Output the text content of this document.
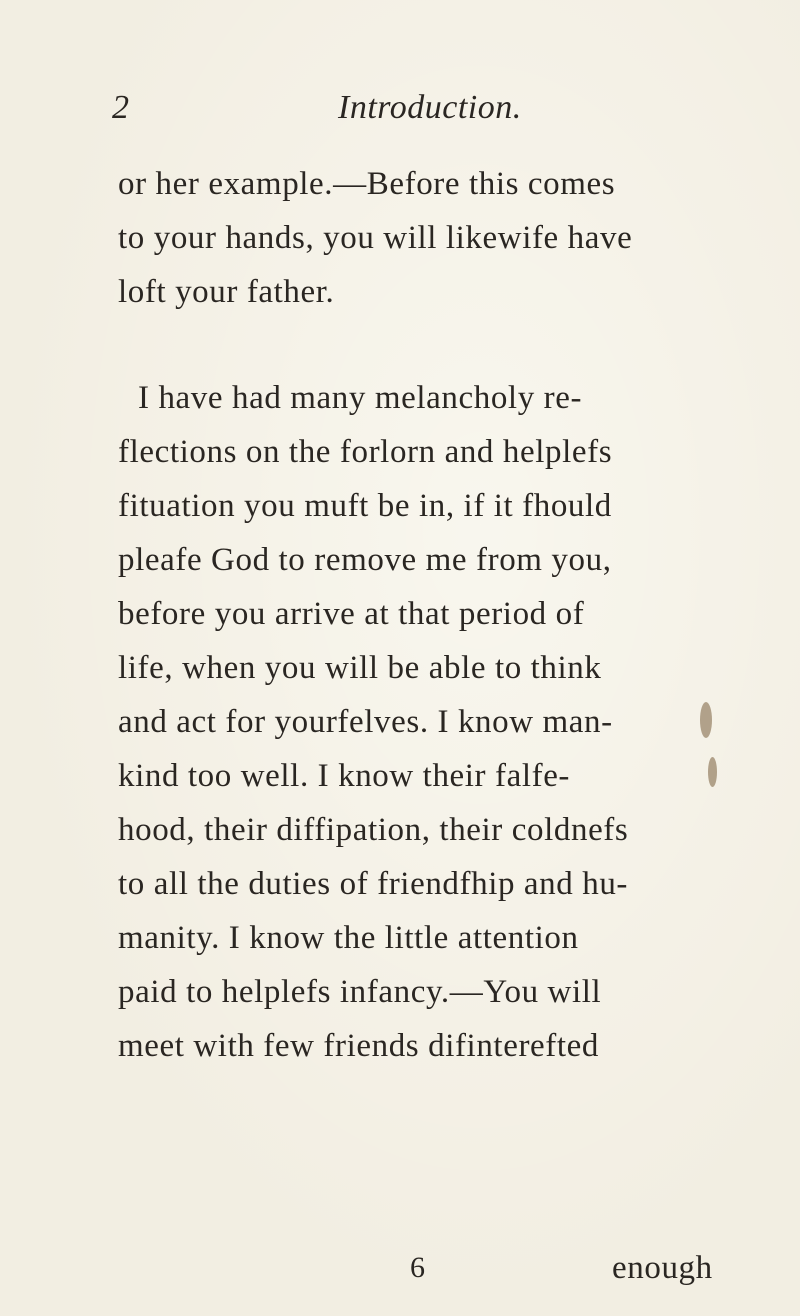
2	Introduction.
or her example.—Before this comes
to your hands, you will likewife have
loft your father.
I have had many melancholy re-
flections on the forlorn and helplefs
fituation you muft be in, if it fhould
pleafe God to remove me from you,
before you arrive at that period of
life, when you will be able to think
and act for yourfelves. I know man-
kind too well. I know their falfe-
hood, their diffipation, their coldnefs
to all the duties of friendfhip and hu-
manity. I know the little attention
paid to helplefs infancy.—You will
meet with few friends difinterefted
6	enough
